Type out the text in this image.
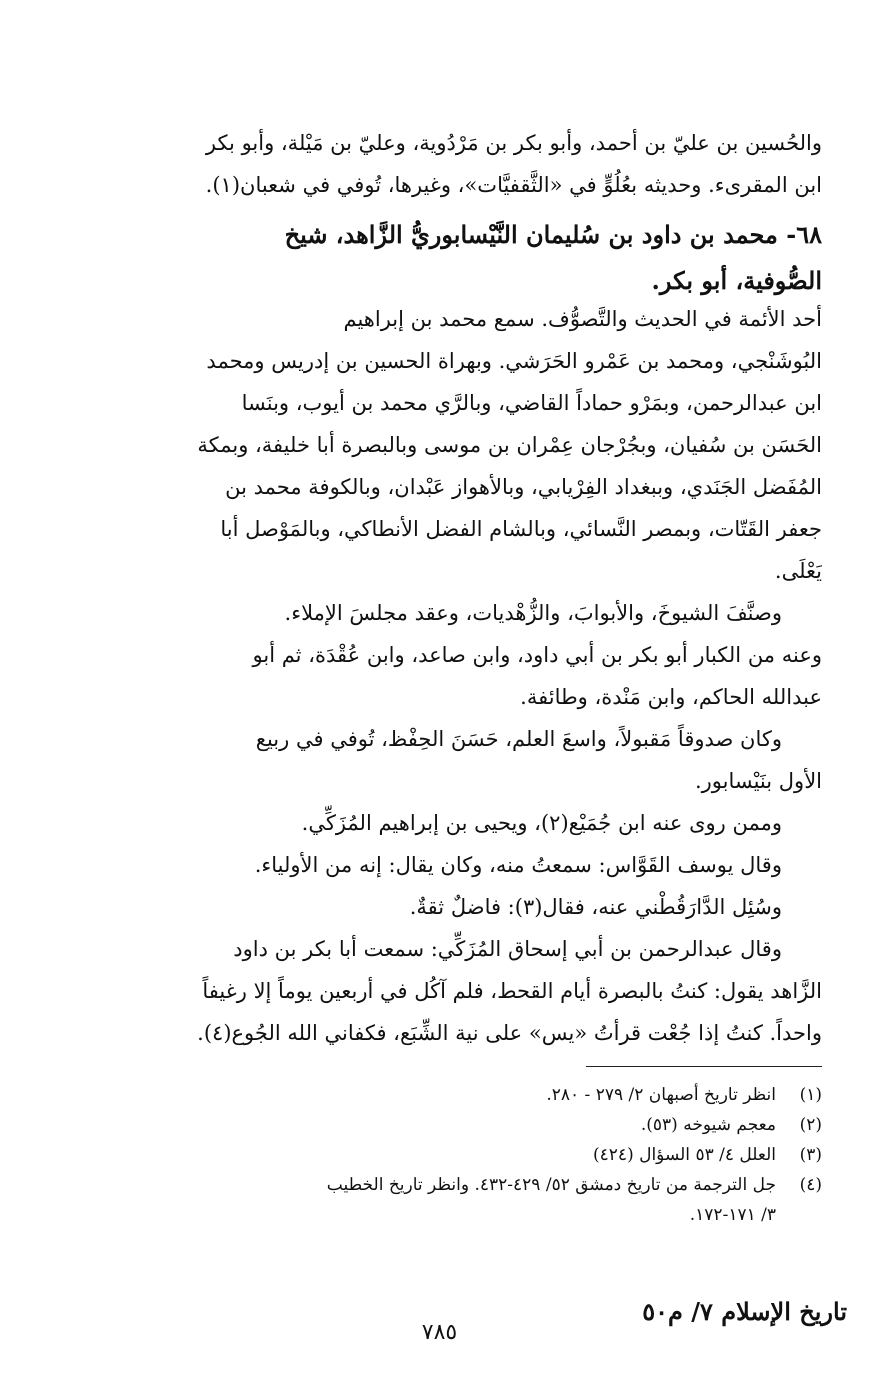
والحُسين بن عليّ بن أحمد، وأبو بكر بن مَرْدُوية، وعليّ بن مَيْلة، وأبو بكر
ابن المقرىء. وحديثه بعُلُوٍّ في «الثَّقفيَّات»، وغيرها، تُوفي في شعبان(١).
٦٨- محمد بن داود بن سُليمان النَّيْسابوريُّ الزَّاهد، شيخ
الصُّوفية، أبو بكر.
أحد الأئمة في الحديث والتَّصوُّف. سمع محمد بن إبراهيم
البُوشَنْجي، ومحمد بن عَمْرو الحَرَشي. وبهراة الحسين بن إدريس ومحمد
ابن عبدالرحمن، وبمَرْو حماداً القاضي، وبالرَّي محمد بن أيوب، وبنَسا
الحَسَن بن سُفيان، وبجُرْجان عِمْران بن موسى وبالبصرة أبا خليفة، وبمكة
المُفَضل الجَنَدي، وببغداد الفِرْيابي، وبالأهواز عَبْدان، وبالكوفة محمد بن
جعفر القَتّات، وبمصر النَّسائي، وبالشام الفضل الأنطاكي، وبالمَوْصل أبا
يَعْلَى.
وصنَّفَ الشيوخَ، والأبوابَ، والزُّهْديات، وعقد مجلسَ الإملاء.
وعنه من الكبار أبو بكر بن أبي داود، وابن صاعد، وابن عُقْدَة، ثم أبو
عبدالله الحاكم، وابن مَنْدة، وطائفة.
وكان صدوقاً مَقبولاً، واسعَ العلم، حَسَنَ الحِفْظ، تُوفي في ربيع
الأول بنَيْسابور.
وممن روى عنه ابن جُمَيْع(٢)، ويحيى بن إبراهيم المُزَكِّي.
وقال يوسف القَوَّاس: سمعتُ منه، وكان يقال: إنه من الأولياء.
وسُئِل الدَّارَقُطْني عنه، فقال(٣): فاضلٌ ثقةٌ.
وقال عبدالرحمن بن أبي إسحاق المُزَكِّي: سمعت أبا بكر بن داود
الزَّاهد يقول: كنتُ بالبصرة أيام القحط، فلم آكُل في أربعين يوماً إلا رغيفاً
واحداً. كنتُ إذا جُعْت قرأتُ «يس» على نية الشِّبَع، فكفاني الله الجُوع(٤).
(١)
انظر تاريخ أصبهان ٢/ ٢٧٩ - ٢٨٠.
(٢)
معجم شيوخه (٥٣).
(٣)
العلل ٤/ ٥٣ السؤال (٤٢٤)
(٤)
جل الترجمة من تاريخ دمشق ٥٢/ ٤٢٩-٤٣٢. وانظر تاريخ الخطيب
٣/ ١٧١-١٧٢.
تاريخ الإسلام ٧/ م٥٠
٧٨٥
